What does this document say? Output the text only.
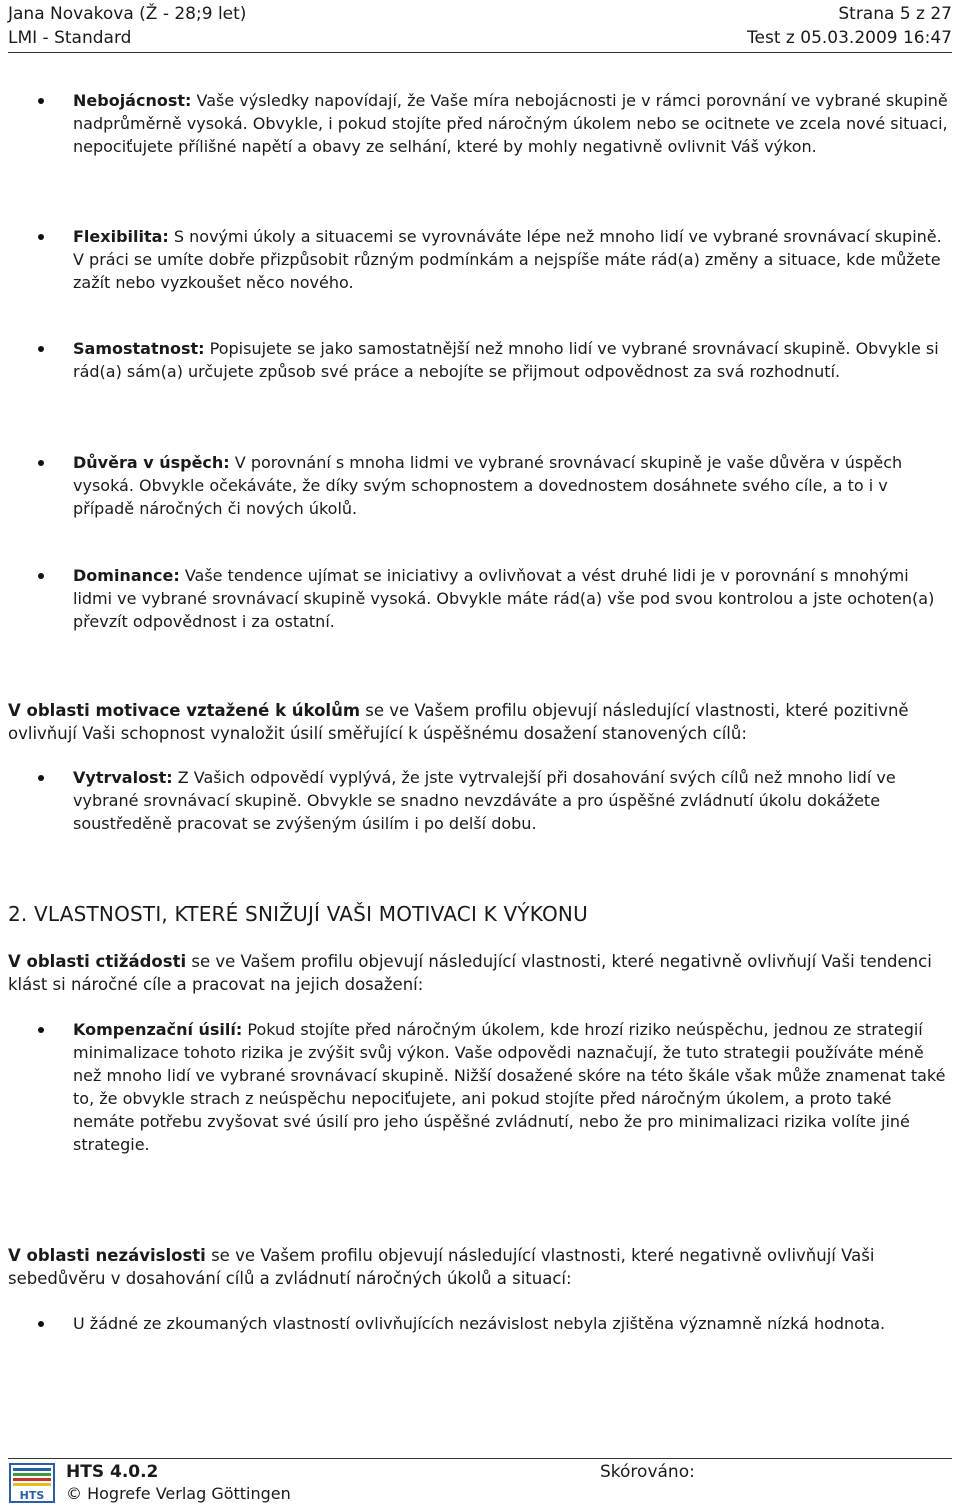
Jana Novakova (Ž - 28;9 let)	Strana 5 z 27
LMI - Standard	Test z 05.03.2009 16:47
Nebojácnost: Vaše výsledky napovídají, že Vaše míra nebojácnosti je v rámci porovnání ve vybrané skupině nadprůměrně vysoká. Obvykle, i pokud stojíte před náročným úkolem nebo se ocitnete ve zcela nové situaci, nepociťujete přílišné napětí a obavy ze selhání, které by mohly negativně ovlivnit Váš výkon.
Flexibilita: S novými úkoly a situacemi se vyrovnáváte lépe než mnoho lidí ve vybrané srovnávací skupině. V práci se umíte dobře přizpůsobit různým podmínkám a nejspíše máte rád(a) změny a situace, kde můžete zažít nebo vyzkoušet něco nového.
Samostatnost: Popisujete se jako samostatnější než mnoho lidí ve vybrané srovnávací skupině. Obvykle si rád(a) sám(a) určujete způsob své práce a nebojíte se přijmout odpovědnost za svá rozhodnutí.
Důvěra v úspěch: V porovnání s mnoha lidmi ve vybrané srovnávací skupině je vaše důvěra v úspěch vysoká. Obvykle očekáváte, že díky svým schopnostem a dovednostem dosáhnete svého cíle, a to i v případě náročných či nových úkolů.
Dominance: Vaše tendence ujímat se iniciativy a ovlivňovat a vést druhé lidi je v porovnání s mnohými lidmi ve vybrané srovnávací skupině vysoká. Obvykle máte rád(a) vše pod svou kontrolou a jste ochoten(a) převzít odpovědnost i za ostatní.
V oblasti motivace vztažené k úkolům se ve Vašem profilu objevují následující vlastnosti, které pozitivně ovlivňují Vaši schopnost vynaložit úsilí směřující k úspěšnému dosažení stanovených cílů:
Vytrvalost: Z Vašich odpovědí vyplývá, že jste vytrvalejší při dosahování svých cílů než mnoho lidí ve vybrané srovnávací skupině. Obvykle se snadno nevzdáváte a pro úspěšné zvládnutí úkolu dokážete soustředěně pracovat se zvýšeným úsilím i po delší dobu.
2. VLASTNOSTI, KTERÉ SNIŽUJÍ VAŠI MOTIVACI K VÝKONU
V oblasti ctižádosti se ve Vašem profilu objevují následující vlastnosti, které negativně ovlivňují Vaši tendenci klást si náročné cíle a pracovat na jejich dosažení:
Kompenzační úsilí: Pokud stojíte před náročným úkolem, kde hrozí riziko neúspěchu, jednou ze strategií minimalizace tohoto rizika je zvýšit svůj výkon. Vaše odpovědi naznačují, že tuto strategii používáte méně než mnoho lidí ve vybrané srovnávací skupině. Nižší dosažené skóre na této škále však může znamenat také to, že obvykle strach z neúspěchu nepociťujete, ani pokud stojíte před náročným úkolem, a proto také nemáte potřebu zvyšovat své úsilí pro jeho úspěšné zvládnutí, nebo že pro minimalizaci rizika volíte jiné strategie.
V oblasti nezávislosti se ve Vašem profilu objevují následující vlastnosti, které negativně ovlivňují Vaši sebedůvěru v dosahování cílů a zvládnutí náročných úkolů a situací:
U žádné ze zkoumaných vlastností ovlivňujících nezávislost nebyla zjištěna významně nízká hodnota.
HTS
HTS 4.0.2
© Hogrefe Verlag Göttingen
Skórováno:
